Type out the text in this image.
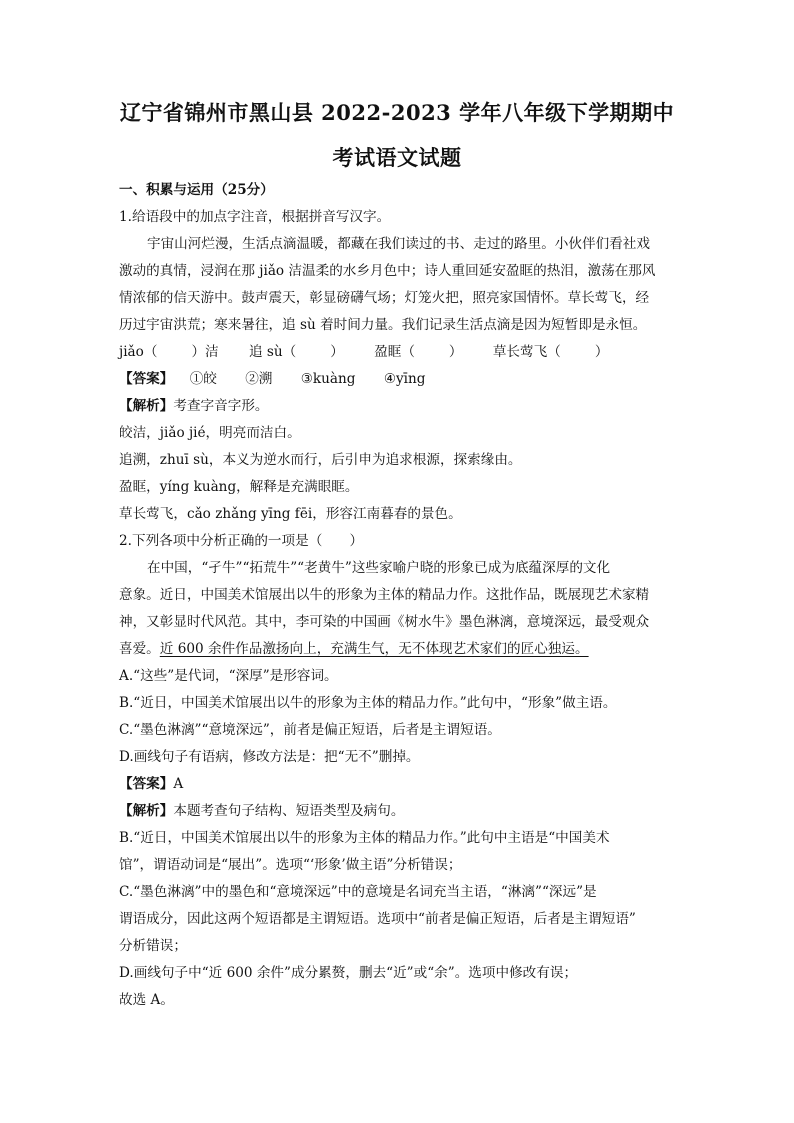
辽宁省锦州市黑山县 2022-2023 学年八年级下学期期中
考试语文试题
一、积累与运用（25分）
1.给语段中的加点字注音，根据拼音写汉字。
宇宙山河烂漫，生活点滴温暖，都藏在我们读过的书、走过的路里。小伙伴们看社戏
激动的真情，浸润在那 jiǎo 洁温柔的水乡月色中；诗人重回延安盈眶的热泪，激荡在那风
情浓郁的信天游中。鼓声震天，彰显磅礴气场；灯笼火把，照亮家国情怀。草长莺飞，经
历过宇宙洪荒；寒来暑往，追 sù 着时间力量。我们记录生活点滴是因为短暂即是永恒。
jiǎo（	）洁 追 sù（	） 盈眶（	） 草长莺飞（	）
【答案】 ①皎 ②溯 ③kuàng ④yīng
【解析】考查字音字形。
皎洁，jiǎo jié，明亮而洁白。
追溯，zhuī sù，本义为逆水而行，后引申为追求根源，探索缘由。
盈眶，yíng kuàng，解释是充满眼眶。
草长莺飞，cǎo zhǎng yīng fēi，形容江南暮春的景色。
2.下列各项中分析正确的一项是（　　）
在中国，“孑牛”“拓荒牛”“老黄牛”这些家喻户晓的形象已成为底蕴深厚的文化
意象。近日，中国美术馆展出以牛的形象为主体的精品力作。这批作品，既展现艺术家精
神，又彰显时代风范。其中，李可染的中国画《树水牛》墨色淋漓，意境深远，最受观众
喜爱。近 600 余件作品激扬向上，充满生气，无不体现艺术家们的匠心独运。
A.“这些”是代词，“深厚”是形容词。
B.“近日，中国美术馆展出以牛的形象为主体的精品力作。”此句中，“形象”做主语。
C.“墨色淋漓”“意境深远”，前者是偏正短语，后者是主谓短语。
D.画线句子有语病，修改方法是：把“无不”删掉。
【答案】A
【解析】本题考查句子结构、短语类型及病句。
B.“近日，中国美术馆展出以牛的形象为主体的精品力作。”此句中主语是“中国美术
馆”，谓语动词是“展出”。选项“‘形象’做主语”分析错误；
C.“墨色淋漓”中的墨色和“意境深远”中的意境是名词充当主语，“淋漓”“深远”是
谓语成分，因此这两个短语都是主谓短语。选项中“前者是偏正短语，后者是主谓短语”
分析错误；
D.画线句子中“近 600 余件”成分累赘，删去“近”或“余”。选项中修改有误；
故选 A。
